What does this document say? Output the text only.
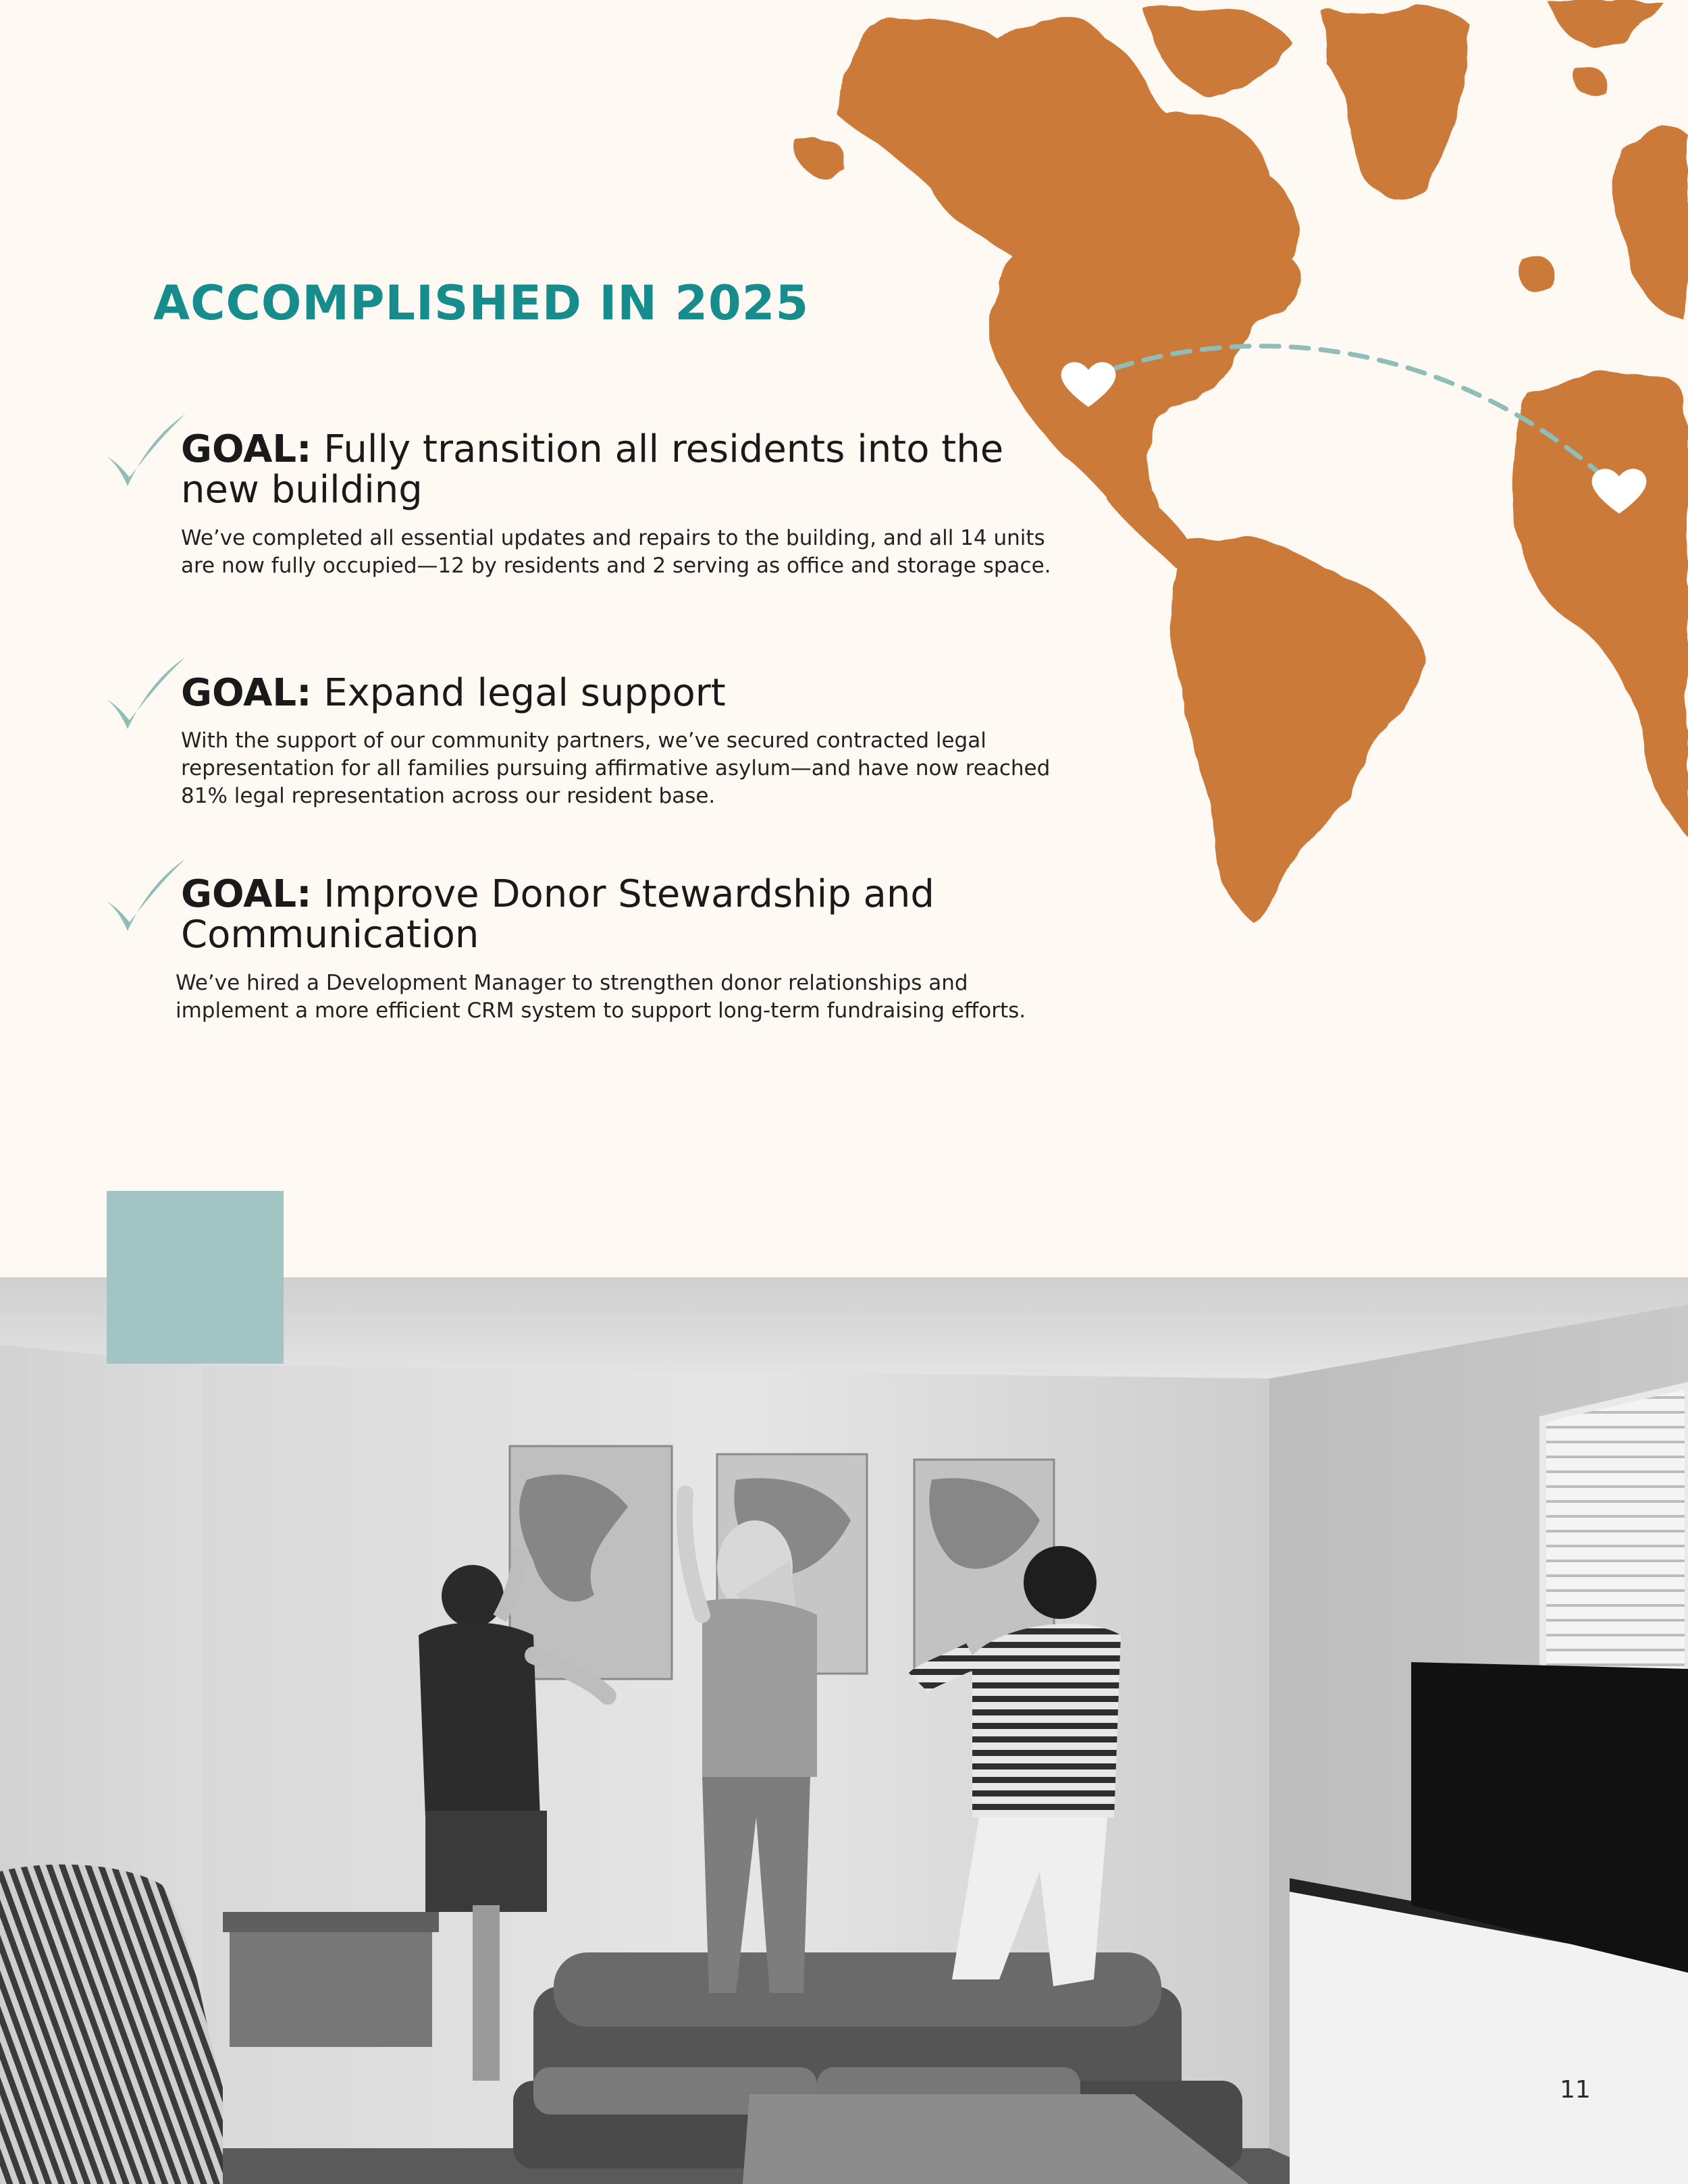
ACCOMPLISHED IN 2025
GOAL: Fully transition all residents into the new building

We’ve completed all essential updates and repairs to the building, and all 14 units are now fully occupied—12 by residents and 2 serving as office and storage space.

GOAL: Expand legal support

With the support of our community partners, we’ve secured contracted legal representation for all families pursuing affirmative asylum—and have now reached 81% legal representation across our resident base.

GOAL: Improve Donor Stewardship and Communication

We’ve hired a Development Manager to strengthen donor relationships and implement a more efficient CRM system to support long-term fundraising efforts.

11
